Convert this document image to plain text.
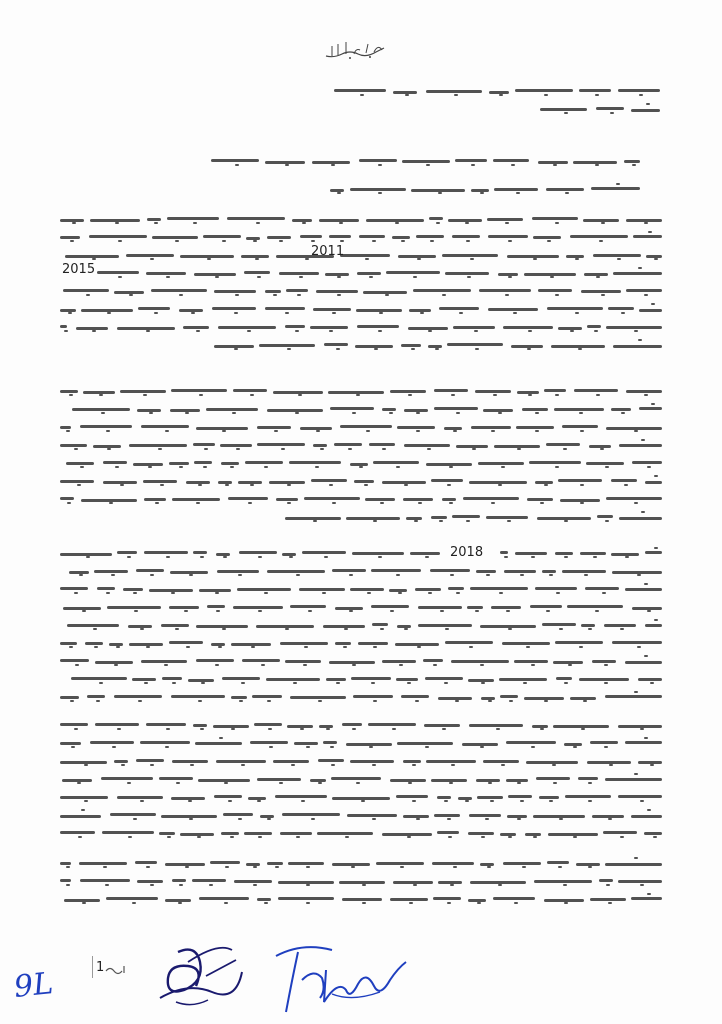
2011
2015
2018
9L	1
